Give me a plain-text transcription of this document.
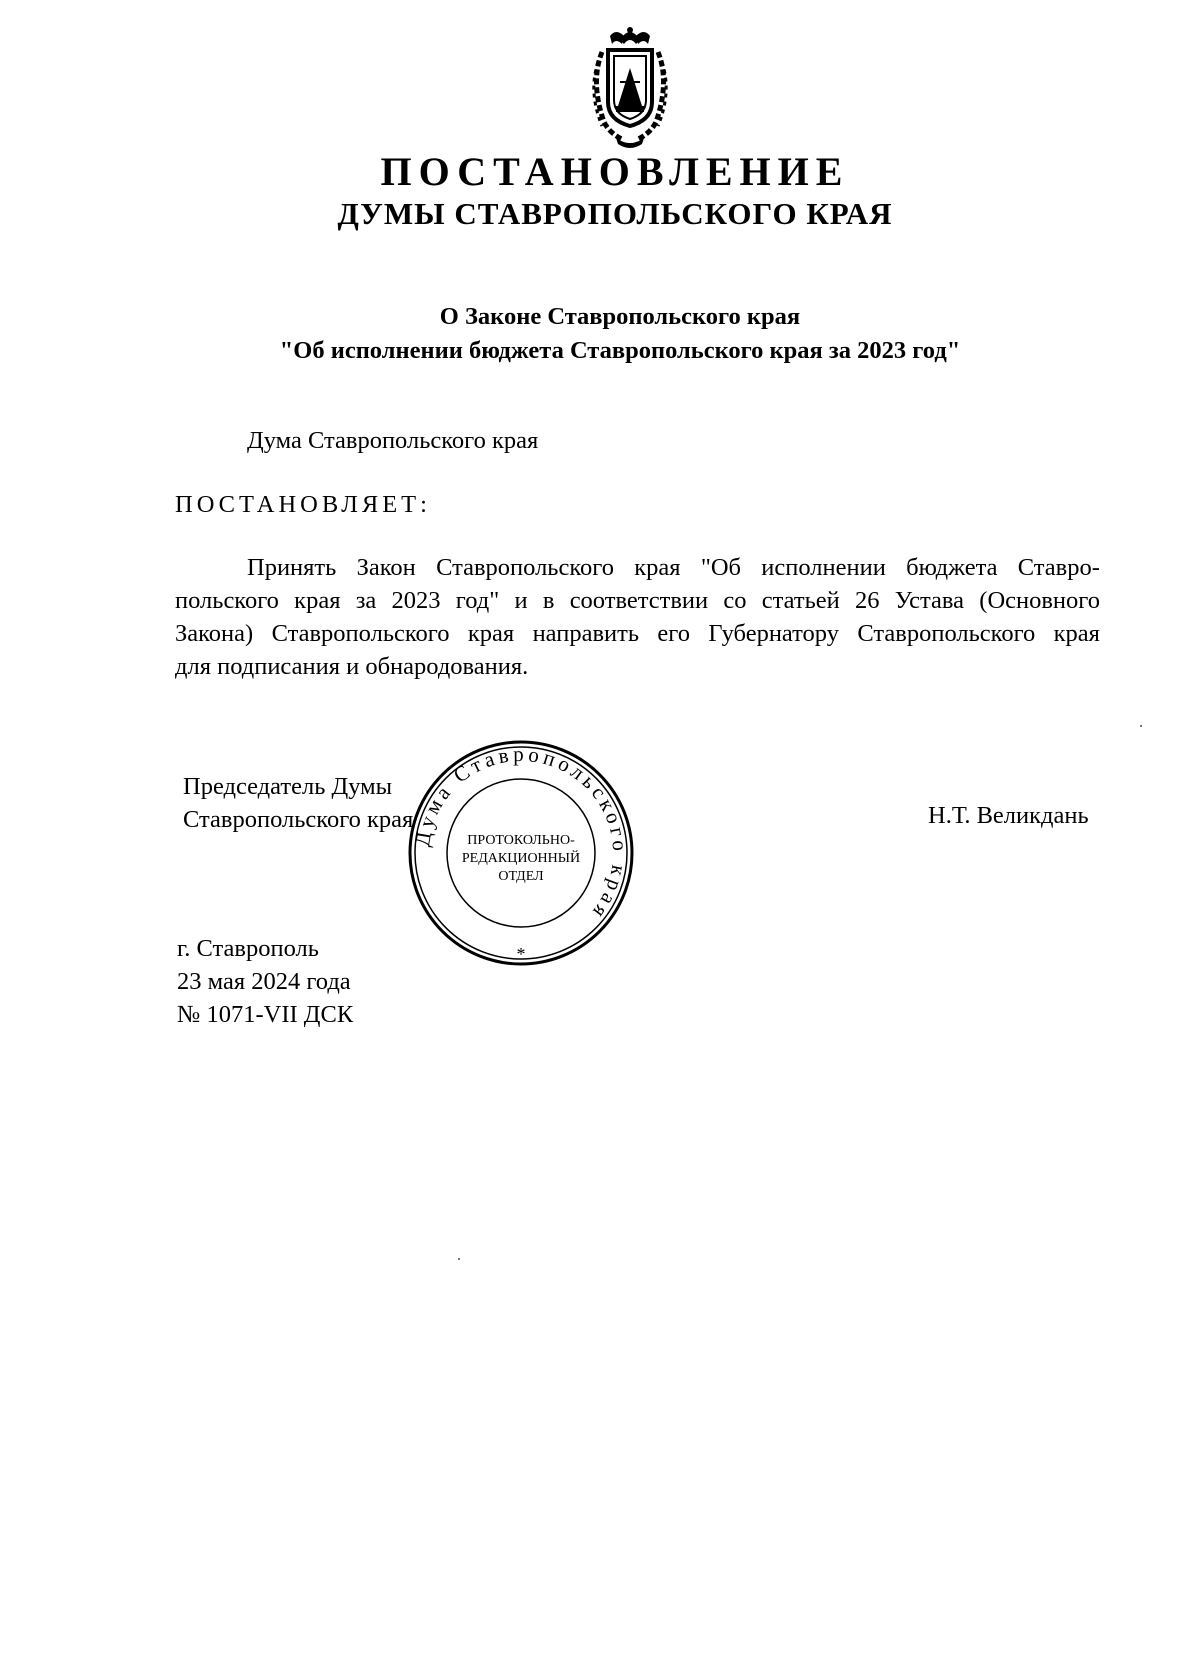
ПОСТАНОВЛЕНИЕ
ДУМЫ СТАВРОПОЛЬСКОГО КРАЯ
О Законе Ставропольского края
"Об исполнении бюджета Ставропольского края за 2023 год"
Дума Ставропольского края
ПОСТАНОВЛЯЕТ:
Принять Закон Ставропольского края "Об исполнении бюджета Ставро-
польского края за 2023 год" и в соответствии со статьей 26 Устава (Основного
Закона) Ставропольского края направить его Губернатору Ставропольского края
для подписания и обнародования.
Председатель Думы
Ставропольского края	Н.Т. Великдань
Дума Ставропольского края
ПРОТОКОЛЬНО-
РЕДАКЦИОННЫЙ
ОТДЕЛ
*
г. Ставрополь
23 мая 2024 года
№ 1071-VII ДСК
